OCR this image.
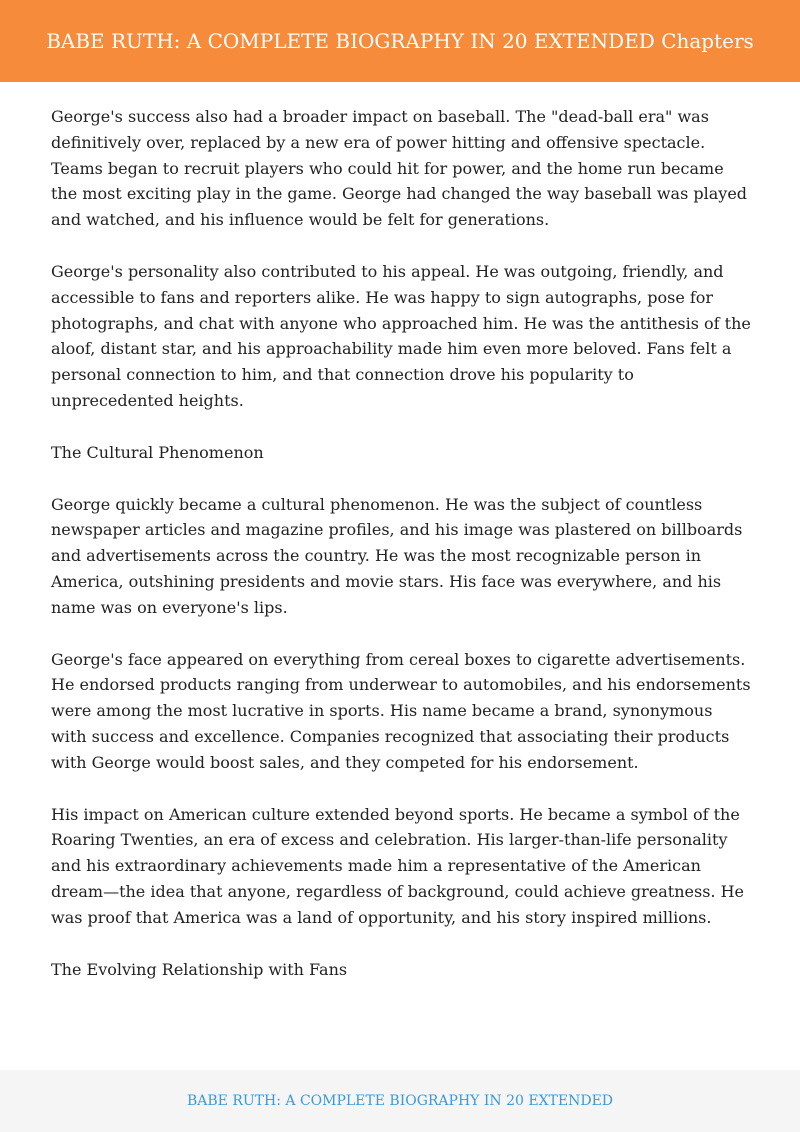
BABE RUTH: A COMPLETE BIOGRAPHY IN 20 EXTENDED Chapters

George's success also had a broader impact on baseball. The "dead-ball era" was definitively over, replaced by a new era of power hitting and offensive spectacle. Teams began to recruit players who could hit for power, and the home run became the most exciting play in the game. George had changed the way baseball was played and watched, and his influence would be felt for generations.

George's personality also contributed to his appeal. He was outgoing, friendly, and accessible to fans and reporters alike. He was happy to sign autographs, pose for photographs, and chat with anyone who approached him. He was the antithesis of the aloof, distant star, and his approachability made him even more beloved. Fans felt a personal connection to him, and that connection drove his popularity to unprecedented heights.

The Cultural Phenomenon

George quickly became a cultural phenomenon. He was the subject of countless newspaper articles and magazine profiles, and his image was plastered on billboards and advertisements across the country. He was the most recognizable person in America, outshining presidents and movie stars. His face was everywhere, and his name was on everyone's lips.

George's face appeared on everything from cereal boxes to cigarette advertisements. He endorsed products ranging from underwear to automobiles, and his endorsements were among the most lucrative in sports. His name became a brand, synonymous with success and excellence. Companies recognized that associating their products with George would boost sales, and they competed for his endorsement.

His impact on American culture extended beyond sports. He became a symbol of the Roaring Twenties, an era of excess and celebration. His larger-than-life personality and his extraordinary achievements made him a representative of the American dream—the idea that anyone, regardless of background, could achieve greatness. He was proof that America was a land of opportunity, and his story inspired millions.

The Evolving Relationship with Fans

BABE RUTH: A COMPLETE BIOGRAPHY IN 20 EXTENDED
